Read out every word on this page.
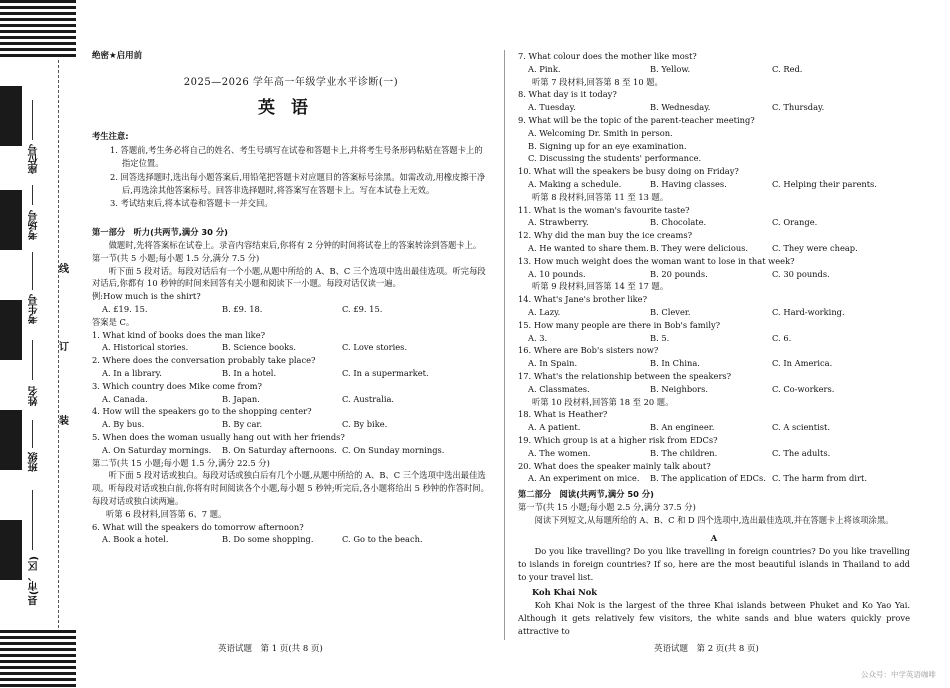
座位号
考场号
考生号
姓名
班级
县(市、区)
线
订
装

绝密★启用前

2025—2026 学年高一年级学业水平诊断(一)

英语

考生注意:

1. 答题前,考生务必将自己的姓名、考生号填写在试卷和答题卡上,并将考生号条形码粘贴在答题卡上的指定位置。

2. 回答选择题时,选出每小题答案后,用铅笔把答题卡对应题目的答案标号涂黑。如需改动,用橡皮擦干净后,再选涂其他答案标号。回答非选择题时,将答案写在答题卡上。写在本试卷上无效。

3. 考试结束后,将本试卷和答题卡一并交回。

第一部分　听力(共两节,满分 30 分)

做题时,先将答案标在试卷上。录音内容结束后,你将有 2 分钟的时间将试卷上的答案转涂到答题卡上。

第一节(共 5 小题;每小题 1.5 分,满分 7.5 分)

听下面 5 段对话。每段对话后有一个小题,从题中所给的 A、B、C 三个选项中选出最佳选项。听完每段对话后,你都有 10 秒钟的时间来回答有关小题和阅读下一小题。每段对话仅读一遍。

例:How much is the shirt?

A. £19. 15.	B. £9. 18.	C. £9. 15.

答案是 C。

1. What kind of books does the man like?

A. Historical stories.	B. Science books.	C. Love stories.

2. Where does the conversation probably take place?

A. In a library.	B. In a hotel.	C. In a supermarket.

3. Which country does Mike come from?

A. Canada.	B. Japan.	C. Australia.

4. How will the speakers go to the shopping center?

A. By bus.	B. By car.	C. By bike.

5. When does the woman usually hang out with her friends?

A. On Saturday mornings.	B. On Saturday afternoons. C. On Sunday mornings.

第二节(共 15 小题;每小题 1.5 分,满分 22.5 分)

听下面 5 段对话或独白。每段对话或独白后有几个小题,从题中所给的 A、B、C 三个选项中选出最佳选项。听每段对话或独白前,你将有时间阅读各个小题,每小题 5 秒钟;听完后,各小题将给出 5 秒钟的作答时间。每段对话或独白读两遍。

听第 6 段材料,回答第 6、7 题。

6. What will the speakers do tomorrow afternoon?

A. Book a hotel.	B. Do some shopping.	C. Go to the beach.

7. What colour does the mother like most?

A. Pink.	B. Yellow.	C. Red.

听第 7 段材料,回答第 8 至 10 题。

8. What day is it today?

A. Tuesday.	B. Wednesday.	C. Thursday.

9. What will be the topic of the parent-teacher meeting?

A. Welcoming Dr. Smith in person.

B. Signing up for an eye examination.

C. Discussing the students' performance.

10. What will the speakers be busy doing on Friday?

A. Making a schedule.	B. Having classes.	C. Helping their parents.

听第 8 段材料,回答第 11 至 13 题。

11. What is the woman's favourite taste?

A. Strawberry.	B. Chocolate.	C. Orange.

12. Why did the man buy the ice creams?

A. He wanted to share them. B. They were delicious.	C. They were cheap.

13. How much weight does the woman want to lose in that week?

A. 10 pounds.	B. 20 pounds.	C. 30 pounds.

听第 9 段材料,回答第 14 至 17 题。

14. What's Jane's brother like?

A. Lazy.	B. Clever.	C. Hard-working.

15. How many people are there in Bob's family?

A. 3.	B. 5.	C. 6.

16. Where are Bob's sisters now?

A. In Spain.	B. In China.	C. In America.

17. What's the relationship between the speakers?

A. Classmates.	B. Neighbors.	C. Co-workers.

听第 10 段材料,回答第 18 至 20 题。

18. What is Heather?

A. A patient.	B. An engineer.	C. A scientist.

19. Which group is at a higher risk from EDCs?

A. The women.	B. The children.	C. The adults.

20. What does the speaker mainly talk about?

A. An experiment on mice.	B. The application of EDCs. C. The harm from dirt.

第二部分　阅读(共两节,满分 50 分)

第一节(共 15 小题;每小题 2.5 分,满分 37.5 分)

阅读下列短文,从每题所给的 A、B、C 和 D 四个选项中,选出最佳选项,并在答题卡上将该项涂黑。

A

Do you like travelling? Do you like travelling in foreign countries? Do you like travelling to islands in foreign countries? If so, here are the most beautiful islands in Thailand to add to your travel list.

Koh Khai Nok

Koh Khai Nok is the largest of the three Khai islands between Phuket and Ko Yao Yai. Although it gets relatively few visitors, the white sands and blue waters quickly prove attractive to

英语试题　第 1 页(共 8 页)	英语试题　第 2 页(共 8 页)

公众号：中学英语咖啡
